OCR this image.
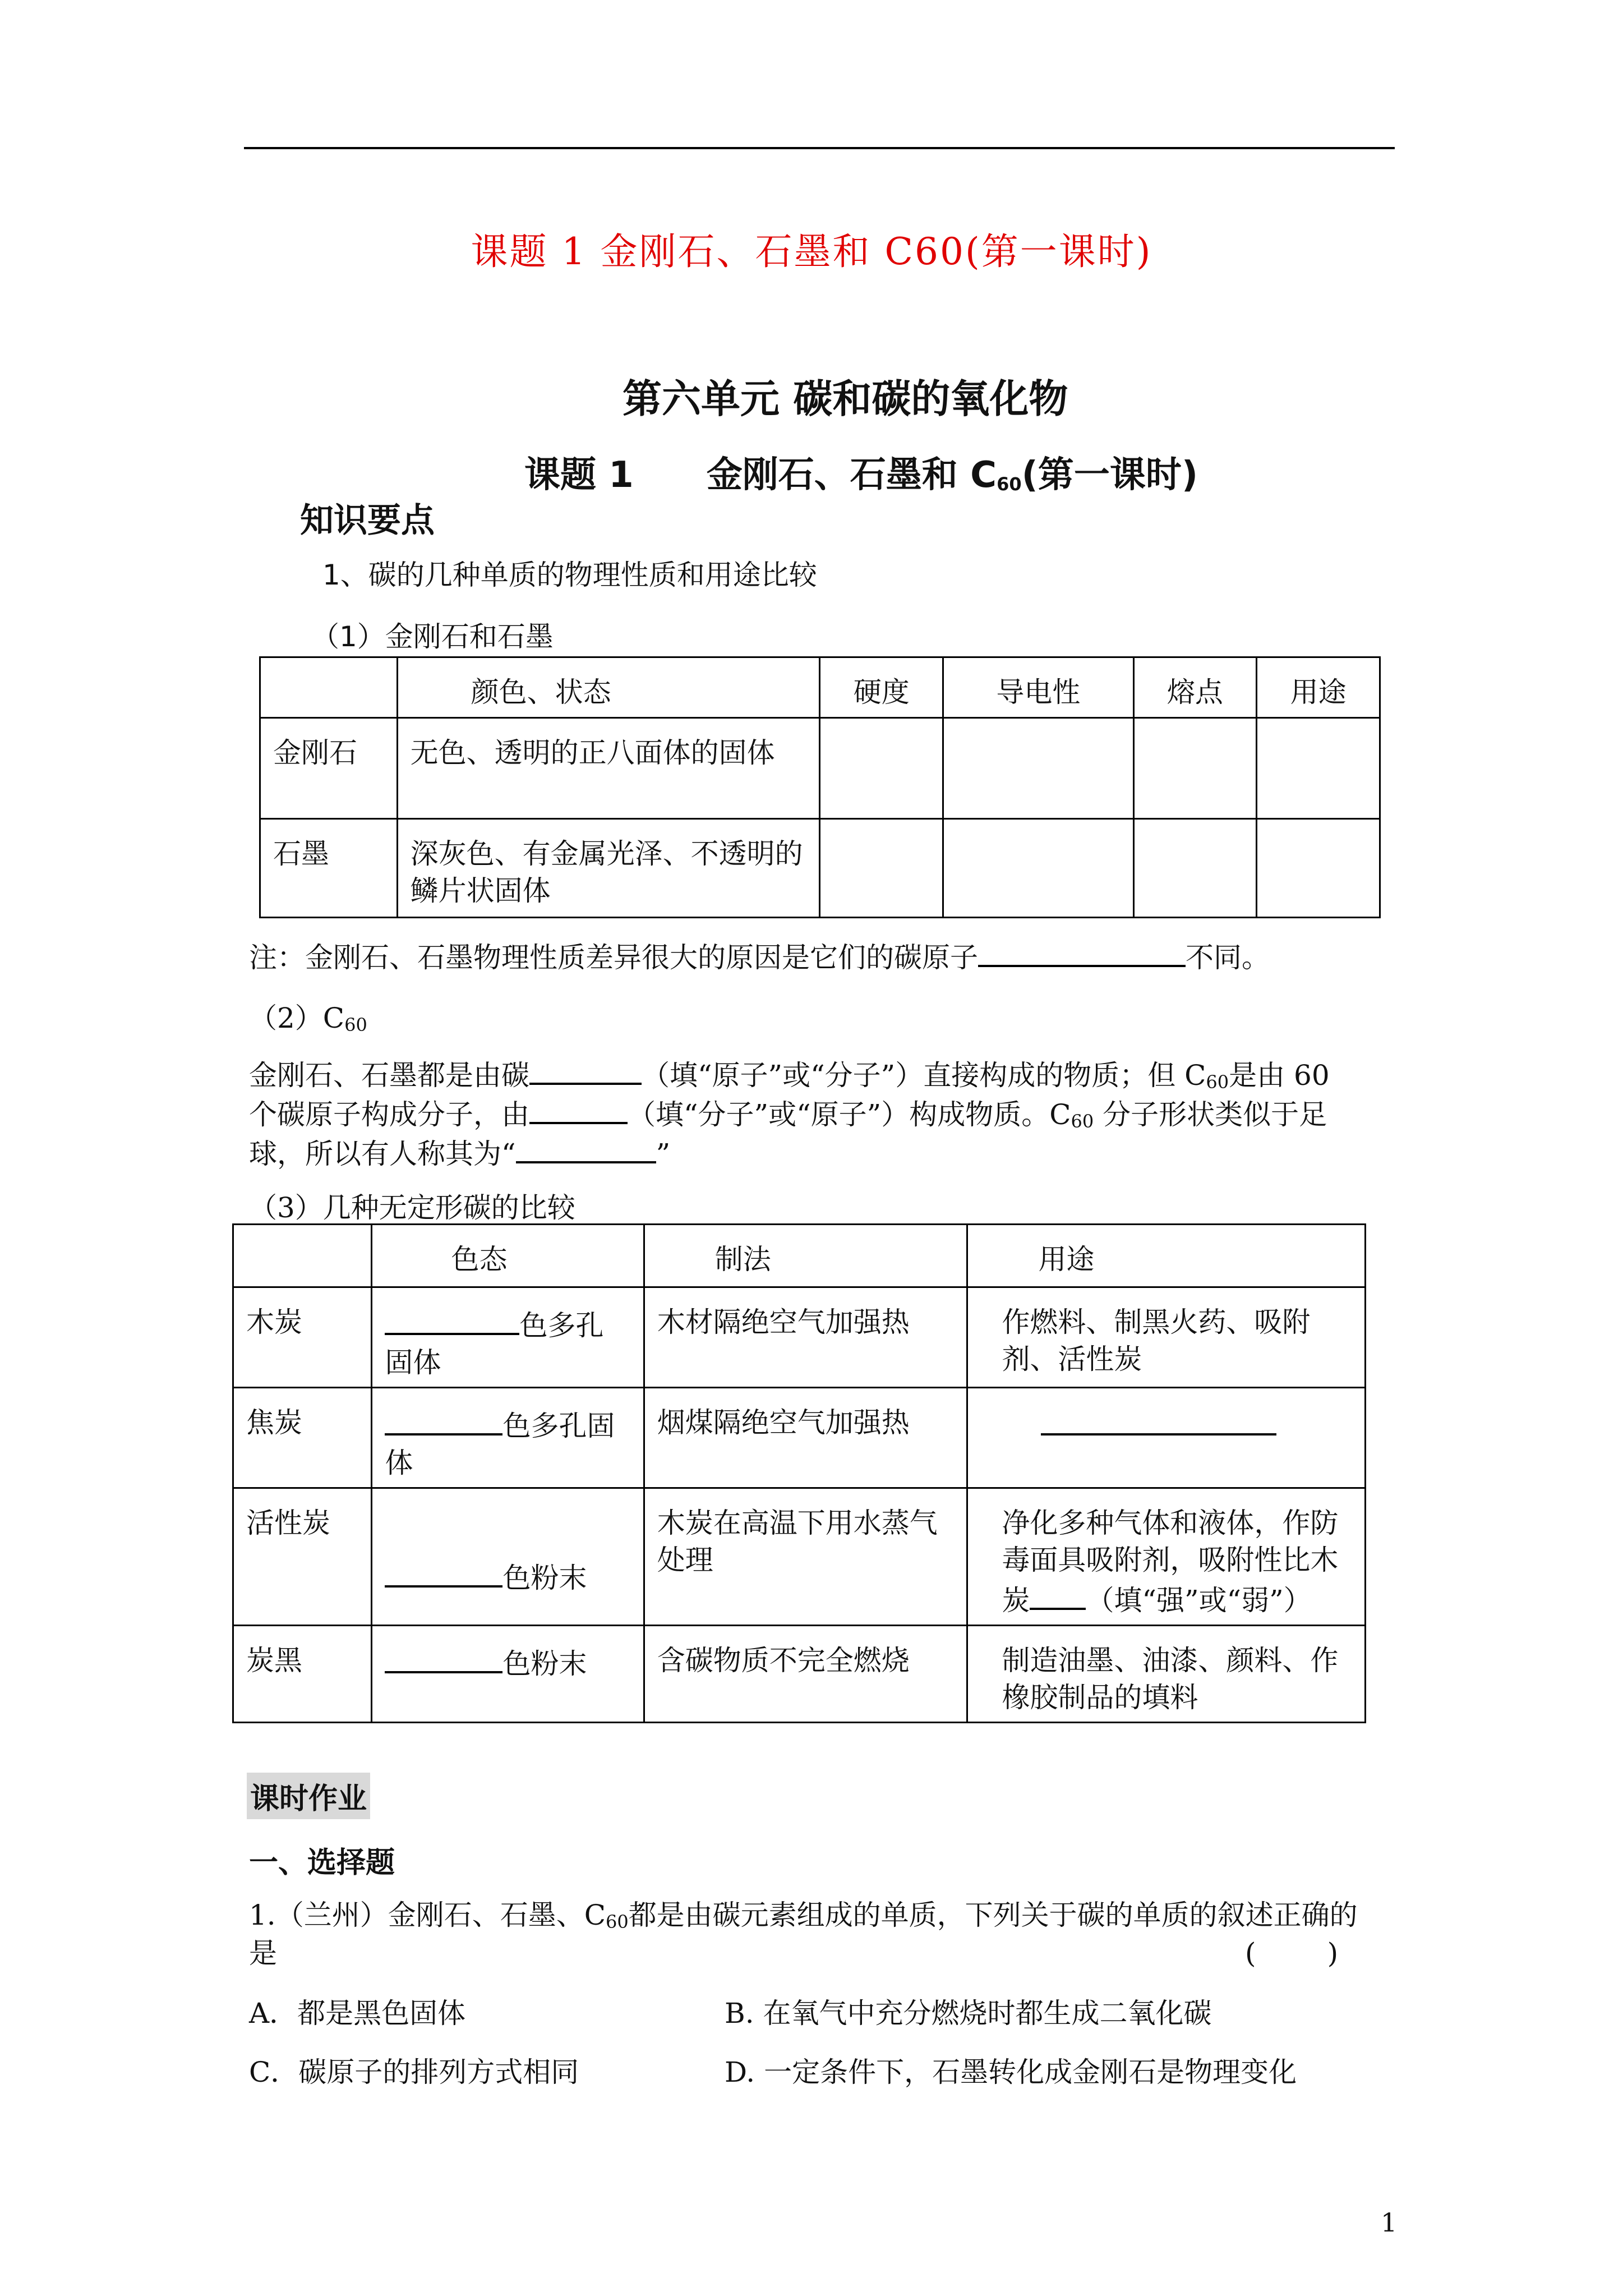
课题 1 金刚石、石墨和 C60(第一课时)
第六单元 碳和碳的氧化物
课题 1 金刚石、石墨和 $C_{60}$(第一课时)
知识要点
1、碳的几种单质的物理性质和用途比较
（1）金刚石和石墨
	颜色、状态	硬度	导电性	熔点	用途
金刚石	无色、透明的正八面体的固体				
石墨	深灰色、有金属光泽、不透明的鳞片状固体				
注：金刚石、石墨物理性质差异很大的原因是它们的碳原子	不同。
$(2)C_{60}$
金刚石、石墨都是由碳	（填“原子”或“分子”）直接构成的物质；但 $C_{60}$是由 60
个碳原子构成分子，由	（填“分子”或“原子”）构成物质。$C_{60}$ 分子形状类似于足
球，所以有人称其为“	”
（3）几种无定形碳的比较
	色态	制法	用途
木炭	色多孔固体	木材隔绝空气加强热	作燃料、制黑火药、吸附剂、活性炭
焦炭	色多孔固体	烟煤隔绝空气加强热	
活性炭	色粉末	木炭在高温下用水蒸气处理	净化多种气体和液体，作防毒面具吸附剂，吸附性比木炭 （填“强”或“弱”）
炭黑	色粉末	含碳物质不完全燃烧	制造油墨、油漆、颜料、作橡胶制品的填料
课时作业
一、选择题
1.（兰州）金刚石、石墨、$C_{60}$都是由碳元素组成的单质，下列关于碳的单质的叙述正确的
是	(        )
A．都是黑色固体	B. 在氧气中充分燃烧时都生成二氧化碳
C．碳原子的排列方式相同	D. 一定条件下，石墨转化成金刚石是物理变化
1
